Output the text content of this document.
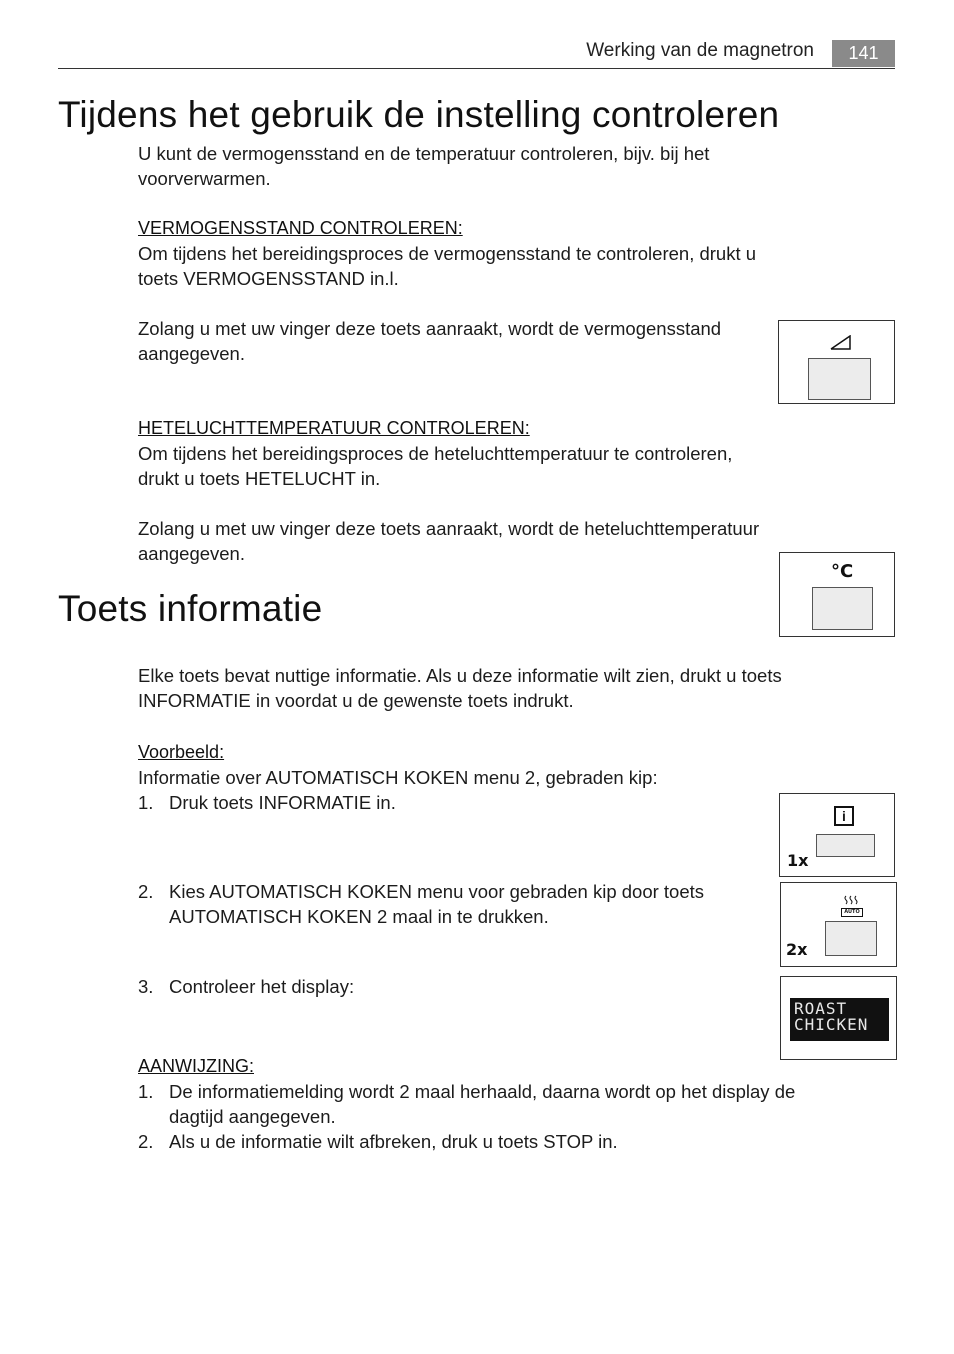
Werking van de magnetron	141
Tijdens het gebruik de instelling controleren

U kunt de vermogensstand en de temperatuur controleren, bijv. bij het

voorverwarmen.

VERMOGENSSTAND CONTROLEREN:

Om tijdens het bereidingsproces de vermogensstand te controleren, drukt u

toets VERMOGENSSTAND in.l.

Zolang u met uw vinger deze toets aanraakt, wordt de vermogensstand

aangegeven.

HETELUCHTTEMPERATUUR CONTROLEREN:

Om tijdens het bereidingsproces de heteluchttemperatuur te controleren,

drukt u toets HETELUCHT in.

Zolang u met uw vinger deze toets aanraakt, wordt de heteluchttemperatuur

aangegeven.

°C
Toets informatie

Elke toets bevat nuttige informatie. Als u deze informatie wilt zien, drukt u toets

INFORMATIE in voordat u de gewenste toets indrukt.

Voorbeeld:

Informatie over AUTOMATISCH KOKEN menu 2, gebraden kip:

1. Druk toets INFORMATIE in.
i
1x
2. Kies AUTOMATISCH KOKEN menu voor gebraden kip door toets
AUTOMATISCH KOKEN 2 maal in te drukken.	AUTO
2x
3. Controleer het display:
ROAST
CHICKEN

AANWIJZING:

1. De informatiemelding wordt 2 maal herhaald, daarna wordt op het display de
dagtijd aangegeven.
2. Als u de informatie wilt afbreken, druk u toets STOP in.
